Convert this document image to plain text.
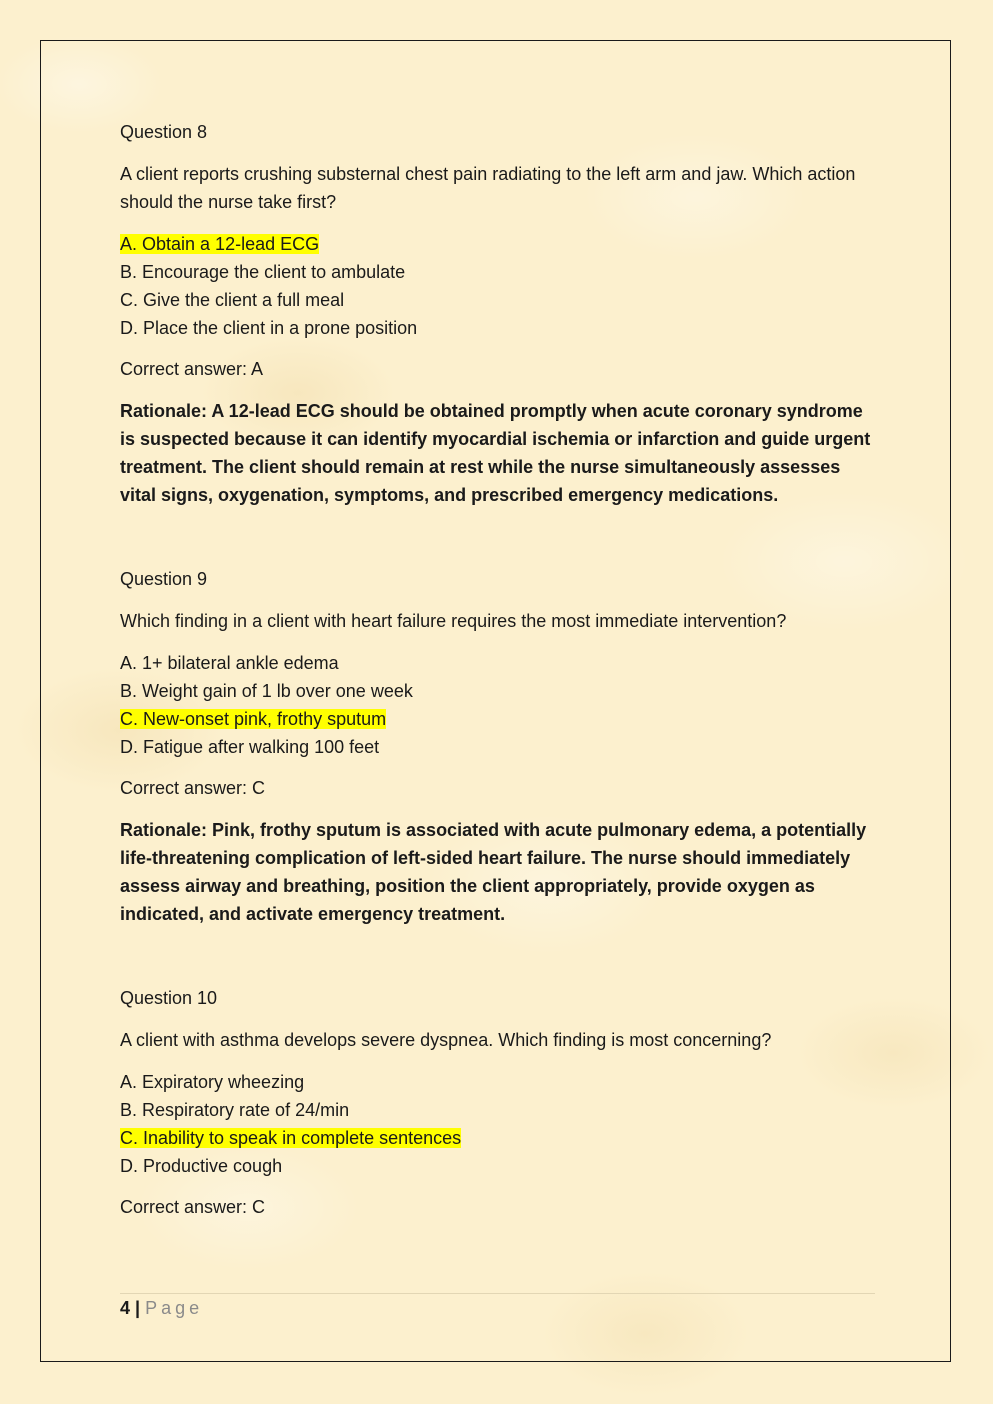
Question 8

A client reports crushing substernal chest pain radiating to the left arm and jaw. Which action should the nurse take first?

A. Obtain a 12-lead ECG
B. Encourage the client to ambulate
C. Give the client a full meal
D. Place the client in a prone position

Correct answer: A

Rationale: A 12-lead ECG should be obtained promptly when acute coronary syndrome is suspected because it can identify myocardial ischemia or infarction and guide urgent treatment. The client should remain at rest while the nurse simultaneously assesses vital signs, oxygenation, symptoms, and prescribed emergency medications.

Question 9

Which finding in a client with heart failure requires the most immediate intervention?

A. 1+ bilateral ankle edema
B. Weight gain of 1 lb over one week
C. New-onset pink, frothy sputum
D. Fatigue after walking 100 feet

Correct answer: C

Rationale: Pink, frothy sputum is associated with acute pulmonary edema, a potentially life-threatening complication of left-sided heart failure. The nurse should immediately assess airway and breathing, position the client appropriately, provide oxygen as indicated, and activate emergency treatment.

Question 10

A client with asthma develops severe dyspnea. Which finding is most concerning?

A. Expiratory wheezing
B. Respiratory rate of 24/min
C. Inability to speak in complete sentences
D. Productive cough

Correct answer: C

4 | Page
